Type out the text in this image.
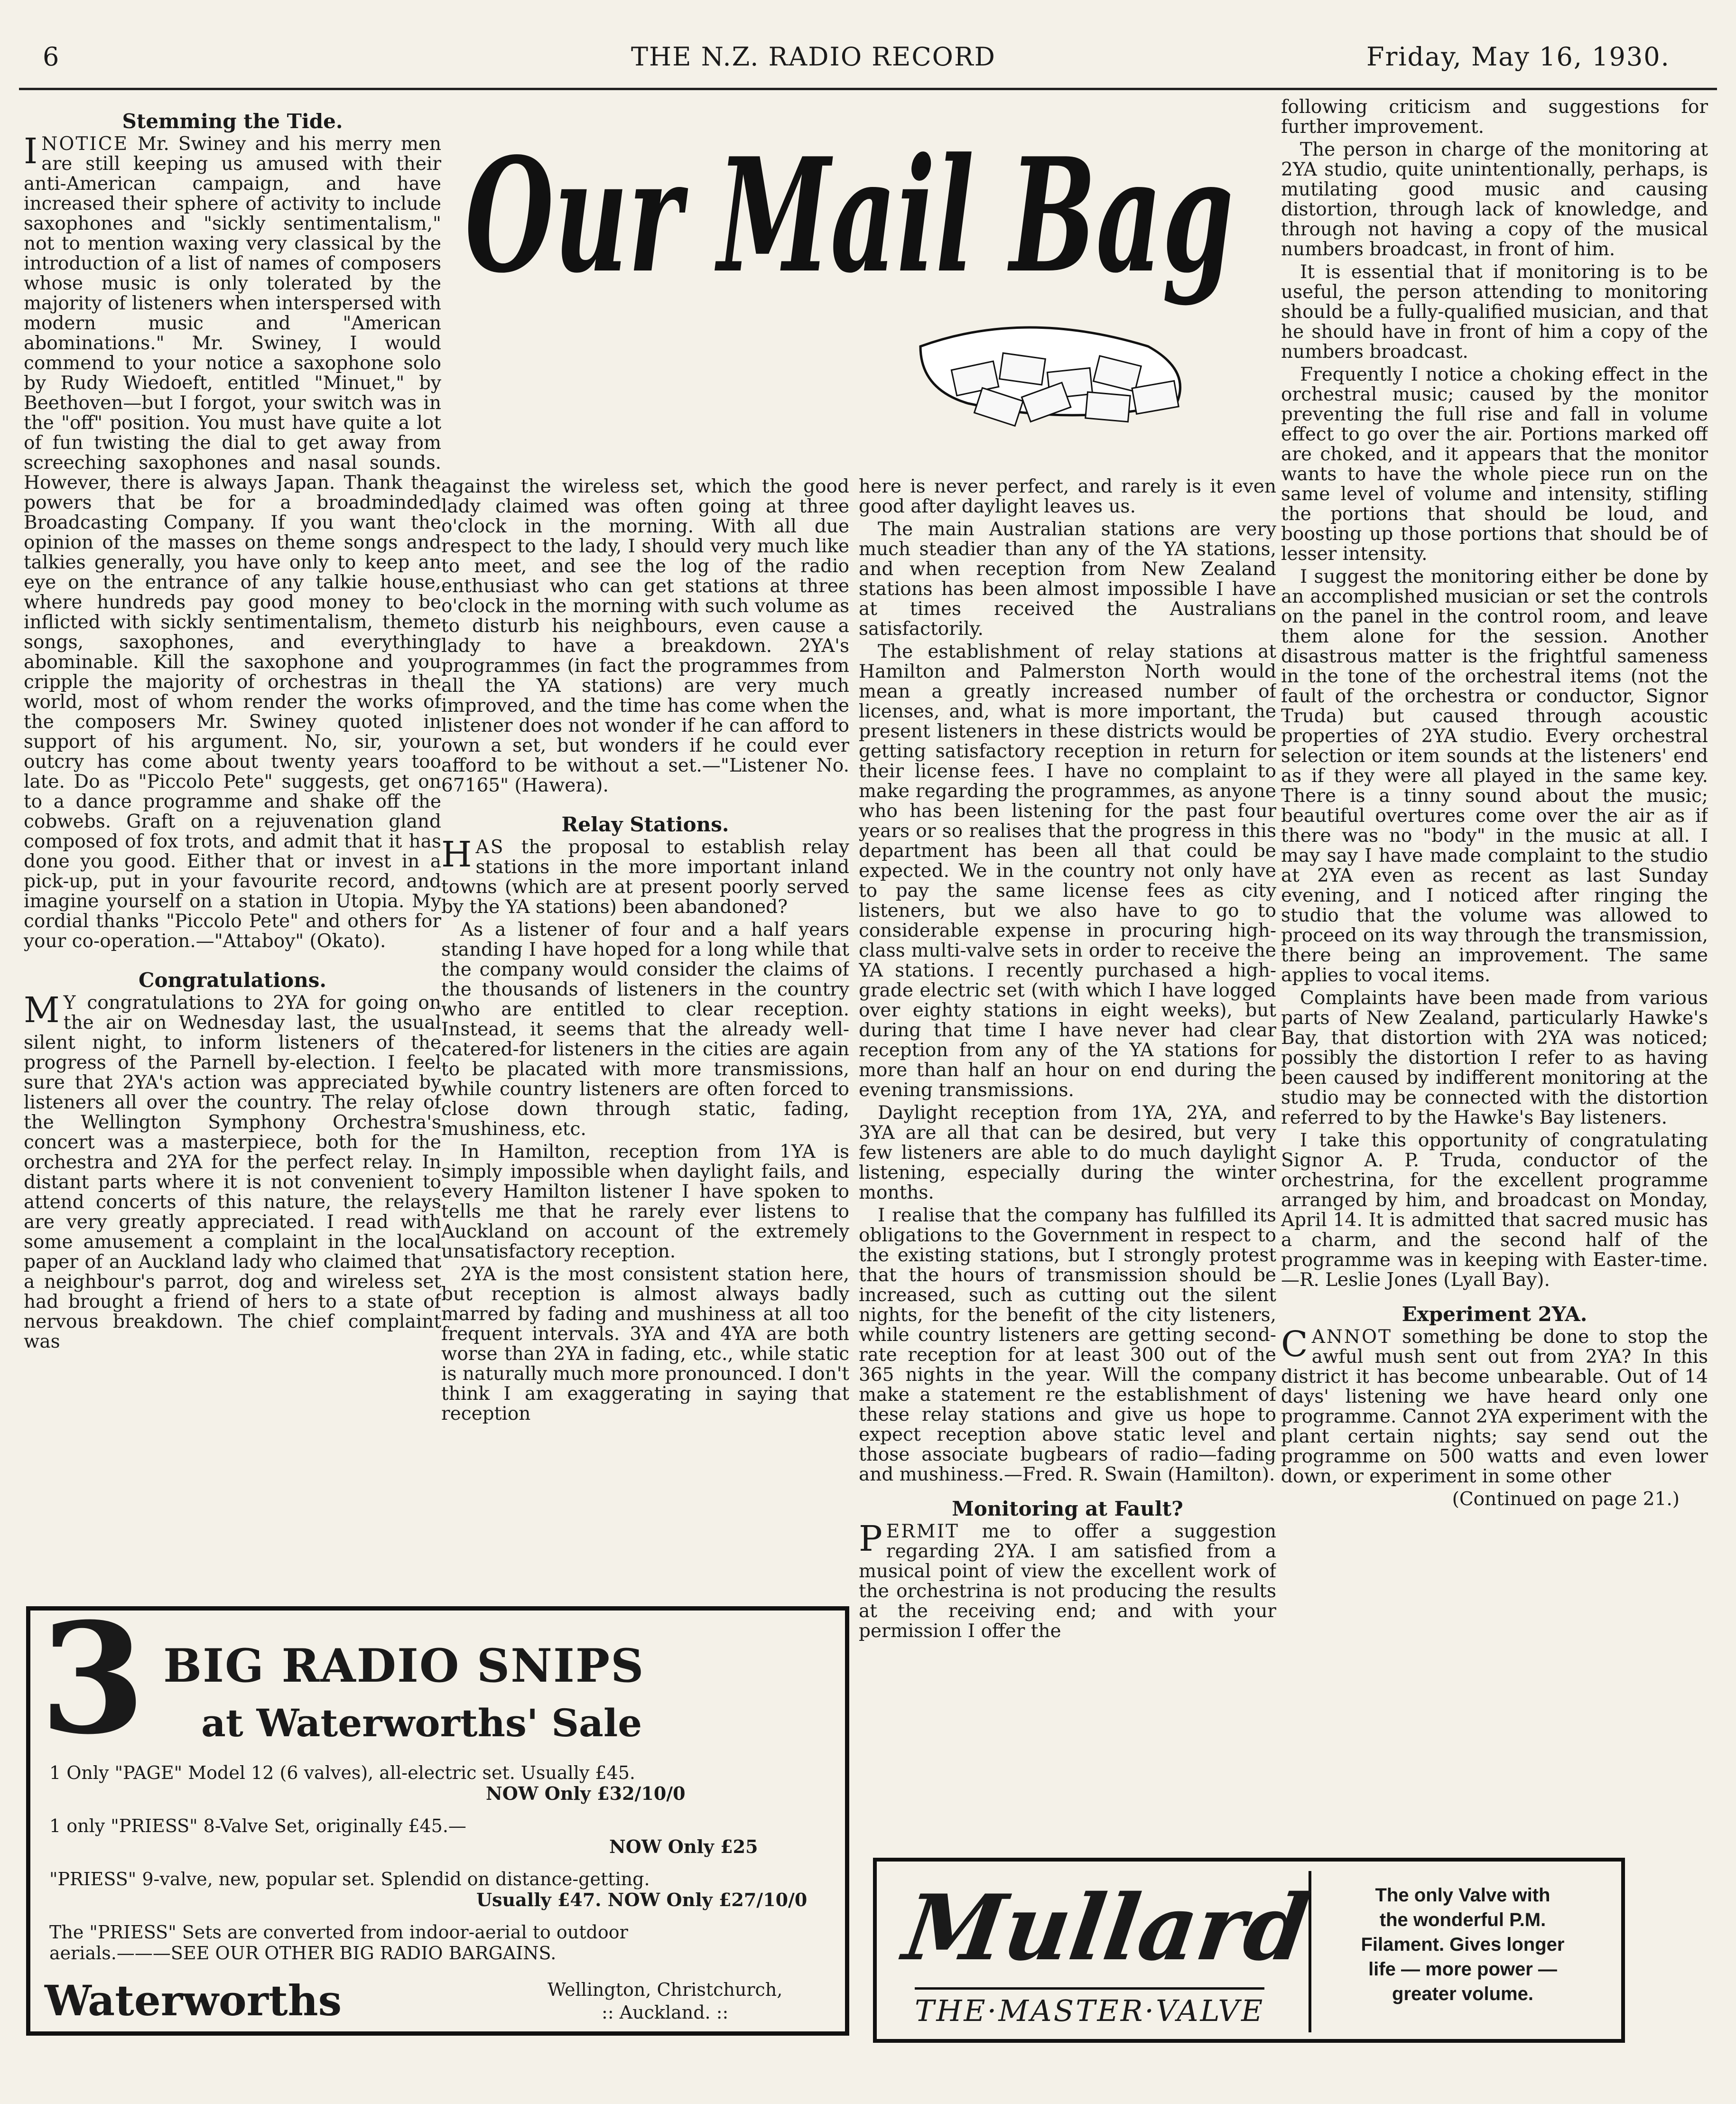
6	THE N.Z. RADIO RECORD	Friday, May 16, 1930.
Our Mail Bag

Stemming the Tide.

INOTICE Mr. Swiney and his merry men are still keeping us amused with their anti-American campaign, and have increased their sphere of activity to include saxophones and "sickly sentimentalism," not to mention waxing very classical by the introduction of a list of names of composers whose music is only tolerated by the majority of listeners when interspersed with modern music and "American abominations." Mr. Swiney, I would commend to your notice a saxophone solo by Rudy Wiedoeft, entitled "Minuet," by Beethoven—but I forgot, your switch was in the "off" position. You must have quite a lot of fun twisting the dial to get away from screeching saxophones and nasal sounds. However, there is always Japan. Thank the powers that be for a broadminded Broadcasting Company. If you want the opinion of the masses on theme songs and talkies generally, you have only to keep an eye on the entrance of any talkie house, where hundreds pay good money to be inflicted with sickly sentimentalism, theme songs, saxophones, and everything abominable. Kill the saxophone and you cripple the majority of orchestras in the world, most of whom render the works of the composers Mr. Swiney quoted in support of his argument. No, sir, your outcry has come about twenty years too late. Do as "Piccolo Pete" suggests, get on to a dance programme and shake off the cobwebs. Graft on a rejuvenation gland composed of fox trots, and admit that it has done you good. Either that or invest in a pick-up, put in your favourite record, and imagine yourself on a station in Utopia. My cordial thanks "Piccolo Pete" and others for your co-operation.—"Attaboy" (Okato).

Congratulations.

M Y congratulations to 2YA for going on the air on Wednesday last, the usual silent night, to inform listeners of the progress of the Parnell by-election. I feel sure that 2YA's action was appreciated by listeners all over the country. The relay of the Wellington Symphony Orchestra's concert was a masterpiece, both for the orchestra and 2YA for the perfect relay. In distant parts where it is not convenient to attend concerts of this nature, the relays are very greatly appreciated. I read with some amusement a complaint in the local paper of an Auckland lady who claimed that a neighbour's parrot, dog and wireless set had brought a friend of hers to a state of nervous breakdown. The chief complaint was

against the wireless set, which the good lady claimed was often going at three o'clock in the morning. With all due respect to the lady, I should very much like to meet, and see the log of the radio enthusiast who can get stations at three o'clock in the morning with such volume as to disturb his neighbours, even cause a lady to have a breakdown. 2YA's programmes (in fact the programmes from all the YA stations) are very much improved, and the time has come when the listener does not wonder if he can afford to own a set, but wonders if he could ever afford to be without a set.—"Listener No. 67165" (Hawera).

Relay Stations.

HAS the proposal to establish relay stations in the more important inland towns (which are at present poorly served by the YA stations) been abandoned?

As a listener of four and a half years standing I have hoped for a long while that the company would consider the claims of the thousands of listeners in the country who are entitled to clear reception. Instead, it seems that the already well-catered-for listeners in the cities are again to be placated with more transmissions, while country listeners are often forced to close down through static, fading, mushiness, etc.

In Hamilton, reception from 1YA is simply impossible when daylight fails, and every Hamilton listener I have spoken to tells me that he rarely ever listens to Auckland on account of the extremely unsatisfactory reception.

2YA is the most consistent station here, but reception is almost always badly marred by fading and mushiness at all too frequent intervals. 3YA and 4YA are both worse than 2YA in fading, etc., while static is naturally much more pronounced. I don't think I am exaggerating in saying that reception

here is never perfect, and rarely is it even good after daylight leaves us.

The main Australian stations are very much steadier than any of the YA stations, and when reception from New Zealand stations has been almost impossible I have at times received the Australians satisfactorily.

The establishment of relay stations at Hamilton and Palmerston North would mean a greatly increased number of licenses, and, what is more important, the present listeners in these districts would be getting satisfactory reception in return for their license fees. I have no complaint to make regarding the programmes, as anyone who has been listening for the past four years or so realises that the progress in this department has been all that could be expected. We in the country not only have to pay the same license fees as city listeners, but we also have to go to considerable expense in procuring high-class multi-valve sets in order to receive the YA stations. I recently purchased a high-grade electric set (with which I have logged over eighty stations in eight weeks), but during that time I have never had clear reception from any of the YA stations for more than half an hour on end during the evening transmissions.

Daylight reception from 1YA, 2YA, and 3YA are all that can be desired, but very few listeners are able to do much daylight listening, especially during the winter months.

I realise that the company has fulfilled its obligations to the Government in respect to the existing stations, but I strongly protest that the hours of transmission should be increased, such as cutting out the silent nights, for the benefit of the city listeners, while country listeners are getting second-rate reception for at least 300 out of the 365 nights in the year. Will the company make a statement re the establishment of these relay stations and give us hope to expect reception above static level and those associate bugbears of radio—fading and mushiness.—Fred. R. Swain (Hamilton).

Monitoring at Fault?

PERMIT me to offer a suggestion regarding 2YA. I am satisfied from a musical point of view the excellent work of the orchestrina is not producing the results at the receiving end; and with your permission I offer the

following criticism and suggestions for further improvement.

The person in charge of the monitoring at 2YA studio, quite unintentionally, perhaps, is mutilating good music and causing distortion, through lack of knowledge, and through not having a copy of the musical numbers broadcast, in front of him.

It is essential that if monitoring is to be useful, the person attending to monitoring should be a fully-qualified musician, and that he should have in front of him a copy of the numbers broadcast.

Frequently I notice a choking effect in the orchestral music; caused by the monitor preventing the full rise and fall in volume effect to go over the air. Portions marked off are choked, and it appears that the monitor wants to have the whole piece run on the same level of volume and intensity, stifling the portions that should be loud, and boosting up those portions that should be of lesser intensity.

I suggest the monitoring either be done by an accomplished musician or set the controls on the panel in the control room, and leave them alone for the session. Another disastrous matter is the frightful sameness in the tone of the orchestral items (not the fault of the orchestra or conductor, Signor Truda) but caused through acoustic properties of 2YA studio. Every orchestral selection or item sounds at the listeners' end as if they were all played in the same key. There is a tinny sound about the music; beautiful overtures come over the air as if there was no "body" in the music at all. I may say I have made complaint to the studio at 2YA even as recent as last Sunday evening, and I noticed after ringing the studio that the volume was allowed to proceed on its way through the transmission, there being an improvement. The same applies to vocal items.

Complaints have been made from various parts of New Zealand, particularly Hawke's Bay, that distortion with 2YA was noticed; possibly the distortion I refer to as having been caused by indifferent monitoring at the studio may be connected with the distortion referred to by the Hawke's Bay listeners.

I take this opportunity of congratulating Signor A. P. Truda, conductor of the orchestrina, for the excellent programme arranged by him, and broadcast on Monday, April 14. It is admitted that sacred music has a charm, and the second half of the programme was in keeping with Easter-time.—R. Leslie Jones (Lyall Bay).

Experiment 2YA.

CANNOT something be done to stop the awful mush sent out from 2YA? In this district it has become unbearable. Out of 14 days' listening we have heard only one programme. Cannot 2YA experiment with the plant certain nights; say send out the programme on 500 watts and even lower down, or experiment in some other

(Continued on page 21.)

3 BIG RADIO SNIPS
at Waterworths' Sale
1 Only "PAGE" Model 12 (6 valves), all-electric set. Usually £45.
NOW Only £32/10/0
1 only "PRIESS" 8-Valve Set, originally £45.—
NOW Only £25
"PRIESS" 9-valve, new, popular set. Splendid on distance-getting.
Usually £47. NOW Only £27/10/0
The "PRIESS" Sets are converted from indoor-aerial to outdoor
aerials.———SEE OUR OTHER BIG RADIO BARGAINS.
Waterworths	Wellington, Christchurch,
:: Auckland. ::
Mullard
THE·MASTER·VALVE
The only Valve with
the wonderful P.M.
Filament. Gives longer
life — more power —
greater volume.
